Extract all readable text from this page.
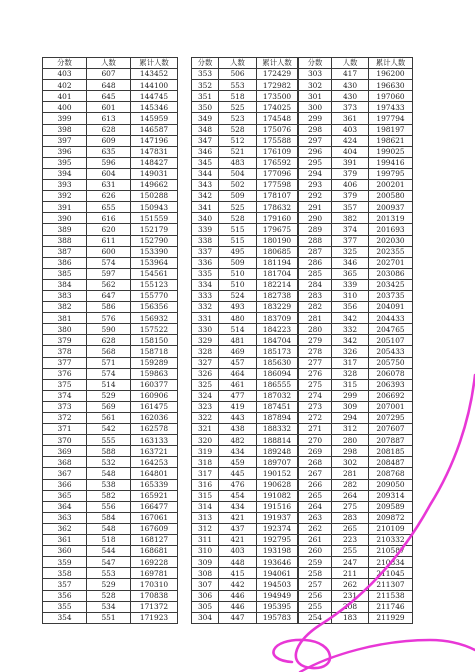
分数	人数	累计人数		分数	人数	累计人数		分数	人数	累计人数	
403	607	143452		353	506	172429		303	417	196200	
402	648	144100		352	553	172982		302	430	196630	
401	645	144745		351	518	173500		301	430	197060	
400	601	145346		350	525	174025		300	373	197433	
399	613	145959		349	523	174548		299	361	197794	
398	628	146587		348	528	175076		298	403	198197	
397	609	147196		347	512	175588		297	424	198621	
396	635	147831		346	521	176109		296	404	199025	
395	596	148427		345	483	176592		295	391	199416	
394	604	149031		344	504	177096		294	379	199795	
393	631	149662		343	502	177598		293	406	200201	
392	626	150288		342	509	178107		292	379	200580	
391	655	150943		341	525	178632		291	357	200937	
390	616	151559		340	528	179160		290	382	201319	
389	620	152179		339	515	179675		289	374	201693	
388	611	152790		338	515	180190		288	377	202030	
387	600	153390		337	495	180685		287	325	202355	
386	574	153964		336	509	181194		286	346	202701	
385	597	154561		335	510	181704		285	365	203086	
384	562	155123		334	510	182214		284	339	203425	
383	647	155770		333	524	182738		283	310	203735	
382	586	156356		332	493	183229		282	356	204091	
381	576	156932		331	480	183709		281	342	204433	
380	590	157522		330	514	184223		280	332	204765	
379	628	158150		329	481	184704		279	342	205107	
378	568	158718		328	469	185173		278	326	205433	
377	571	159289		327	457	185630		277	317	205750	
376	574	159863		326	464	186094		276	328	206078	
375	514	160377		325	461	186555		275	315	206393	
374	529	160906		324	477	187032		274	299	206692	
373	569	161475		323	419	187451		273	309	207001	
372	561	162036		322	443	187894		272	294	207295	
371	542	162578		321	438	188332		271	312	207607	
370	555	163133		320	482	188814		270	280	207887	
369	588	163721		319	434	189248		269	298	208185	
368	532	164253		318	459	189707		268	302	208487	
367	548	164801		317	445	190152		267	281	208768	
366	538	165339		316	476	190628		266	282	209050	
365	582	165921		315	454	191082		265	264	209314	
364	556	166477		314	434	191516		264	275	209589	
363	584	167061		313	421	191937		263	283	209872	
362	548	167609		312	437	192374		262	265	210109	
361	518	168127		311	421	192795		261	223	210332	
360	544	168681		310	403	193198		260	255	210587	
359	547	169228		309	448	193646		259	247	210834	
358	553	169781		308	415	194061		258	211	211045	
357	529	170310		307	442	194503		257	262	211307	
356	528	170838		306	446	194949		256	231	211538	
355	534	171372		305	446	195395		255	208	211746	
354	551	171923		304	447	195783		254	183	211929	
